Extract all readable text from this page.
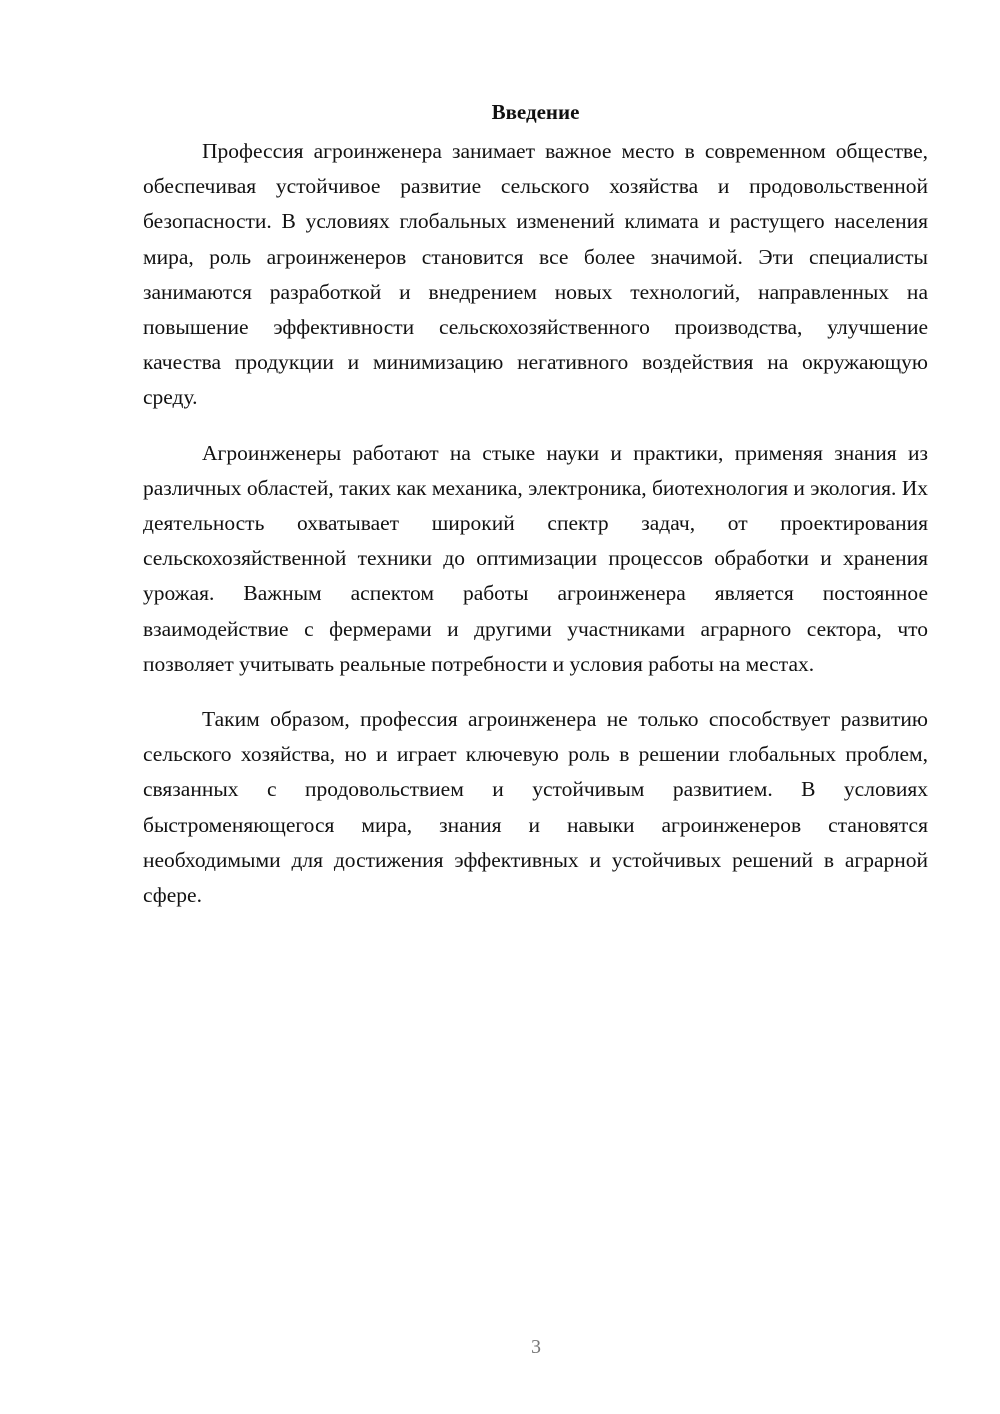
Введение

Профессия агроинженера занимает важное место в современном обществе, обеспечивая устойчивое развитие сельского хозяйства и продовольственной безопасности. В условиях глобальных изменений климата и растущего населения мира, роль агроинженеров становится все более значимой. Эти специалисты занимаются разработкой и внедрением новых технологий, направленных на повышение эффективности сельскохозяйственного производства, улучшение качества продукции и минимизацию негативного воздействия на окружающую среду.

Агроинженеры работают на стыке науки и практики, применяя знания из различных областей, таких как механика, электроника, биотехнология и экология. Их деятельность охватывает широкий спектр задач, от проектирования сельскохозяйственной техники до оптимизации процессов обработки и хранения урожая. Важным аспектом работы агроинженера является постоянное взаимодействие с фермерами и другими участниками аграрного сектора, что позволяет учитывать реальные потребности и условия работы на местах.

Таким образом, профессия агроинженера не только способствует развитию сельского хозяйства, но и играет ключевую роль в решении глобальных проблем, связанных с продовольствием и устойчивым развитием. В условиях быстроменяющегося мира, знания и навыки агроинженеров становятся необходимыми для достижения эффективных и устойчивых решений в аграрной сфере.

3
